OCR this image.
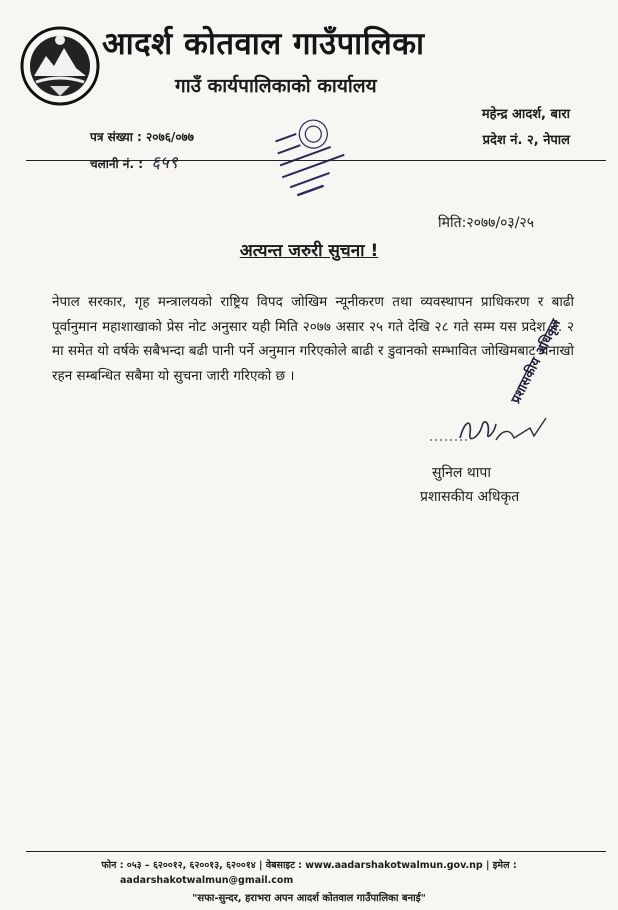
आदर्श कोतवाल गाउँपालिका
गाउँ कार्यपालिकाको कार्यालय
महेन्द्र आदर्श, बारा
प्रदेश नं. २, नेपाल
पत्र संख्या : २०७६/०७७
चलानी नं. : ६५९
मिति:२०७७/०३/२५
अत्यन्त जरुरी सुचना !
नेपाल सरकार, गृह मन्त्रालयको राष्ट्रिय विपद जोखिम न्यूनीकरण तथा व्यवस्थापन प्राधिकरण र बाढी पूर्वानुमान महाशाखाको प्रेस नोट अनुसार यही मिति २०७७ असार २५ गते देखि २८ गते सम्म यस प्रदेश नं. २ मा समेत यो वर्षके सबैभन्दा बढी पानी पर्ने अनुमान गरिएकोले बाढी र डुवानको सम्भावित जोखिमबाट चनाखो रहन सम्बन्धित सबैमा यो सुचना जारी गरिएको छ ।	प्रशासकीय अधिकृत
सुनिल थापा
प्रशासकीय अधिकृत
फोन : ०५३ – ६२००१२, ६२००१३, ६२००१४ | वेबसाइट : www.aadarshakotwalmun.gov.np | इमेल :
aadarshakotwalmun@gmail.com
"सफा-सुन्दर, हराभरा अपन आदर्श कोतवाल गाउँपालिका बनाई"
